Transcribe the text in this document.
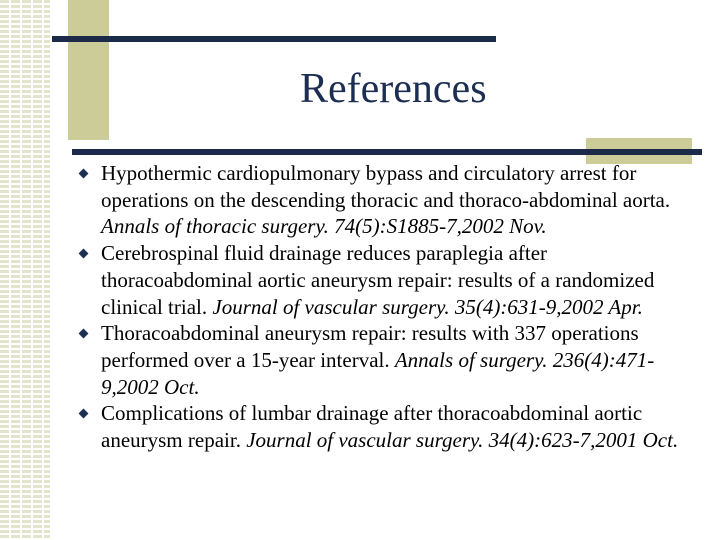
References
Hypothermic cardiopulmonary bypass and circulatory arrest for operations on the descending thoracic and thoraco-abdominal aorta. Annals of thoracic surgery. 74(5):S1885-7,2002 Nov.
Cerebrospinal fluid drainage reduces paraplegia after thoracoabdominal aortic aneurysm repair: results of a randomized clinical trial. Journal of vascular surgery. 35(4):631-9,2002 Apr.
Thoracoabdominal aneurysm repair: results with 337 operations performed over a 15-year interval. Annals of surgery. 236(4):471-9,2002 Oct.
Complications of lumbar drainage after thoracoabdominal aortic aneurysm repair. Journal of vascular surgery. 34(4):623-7,2001 Oct.
